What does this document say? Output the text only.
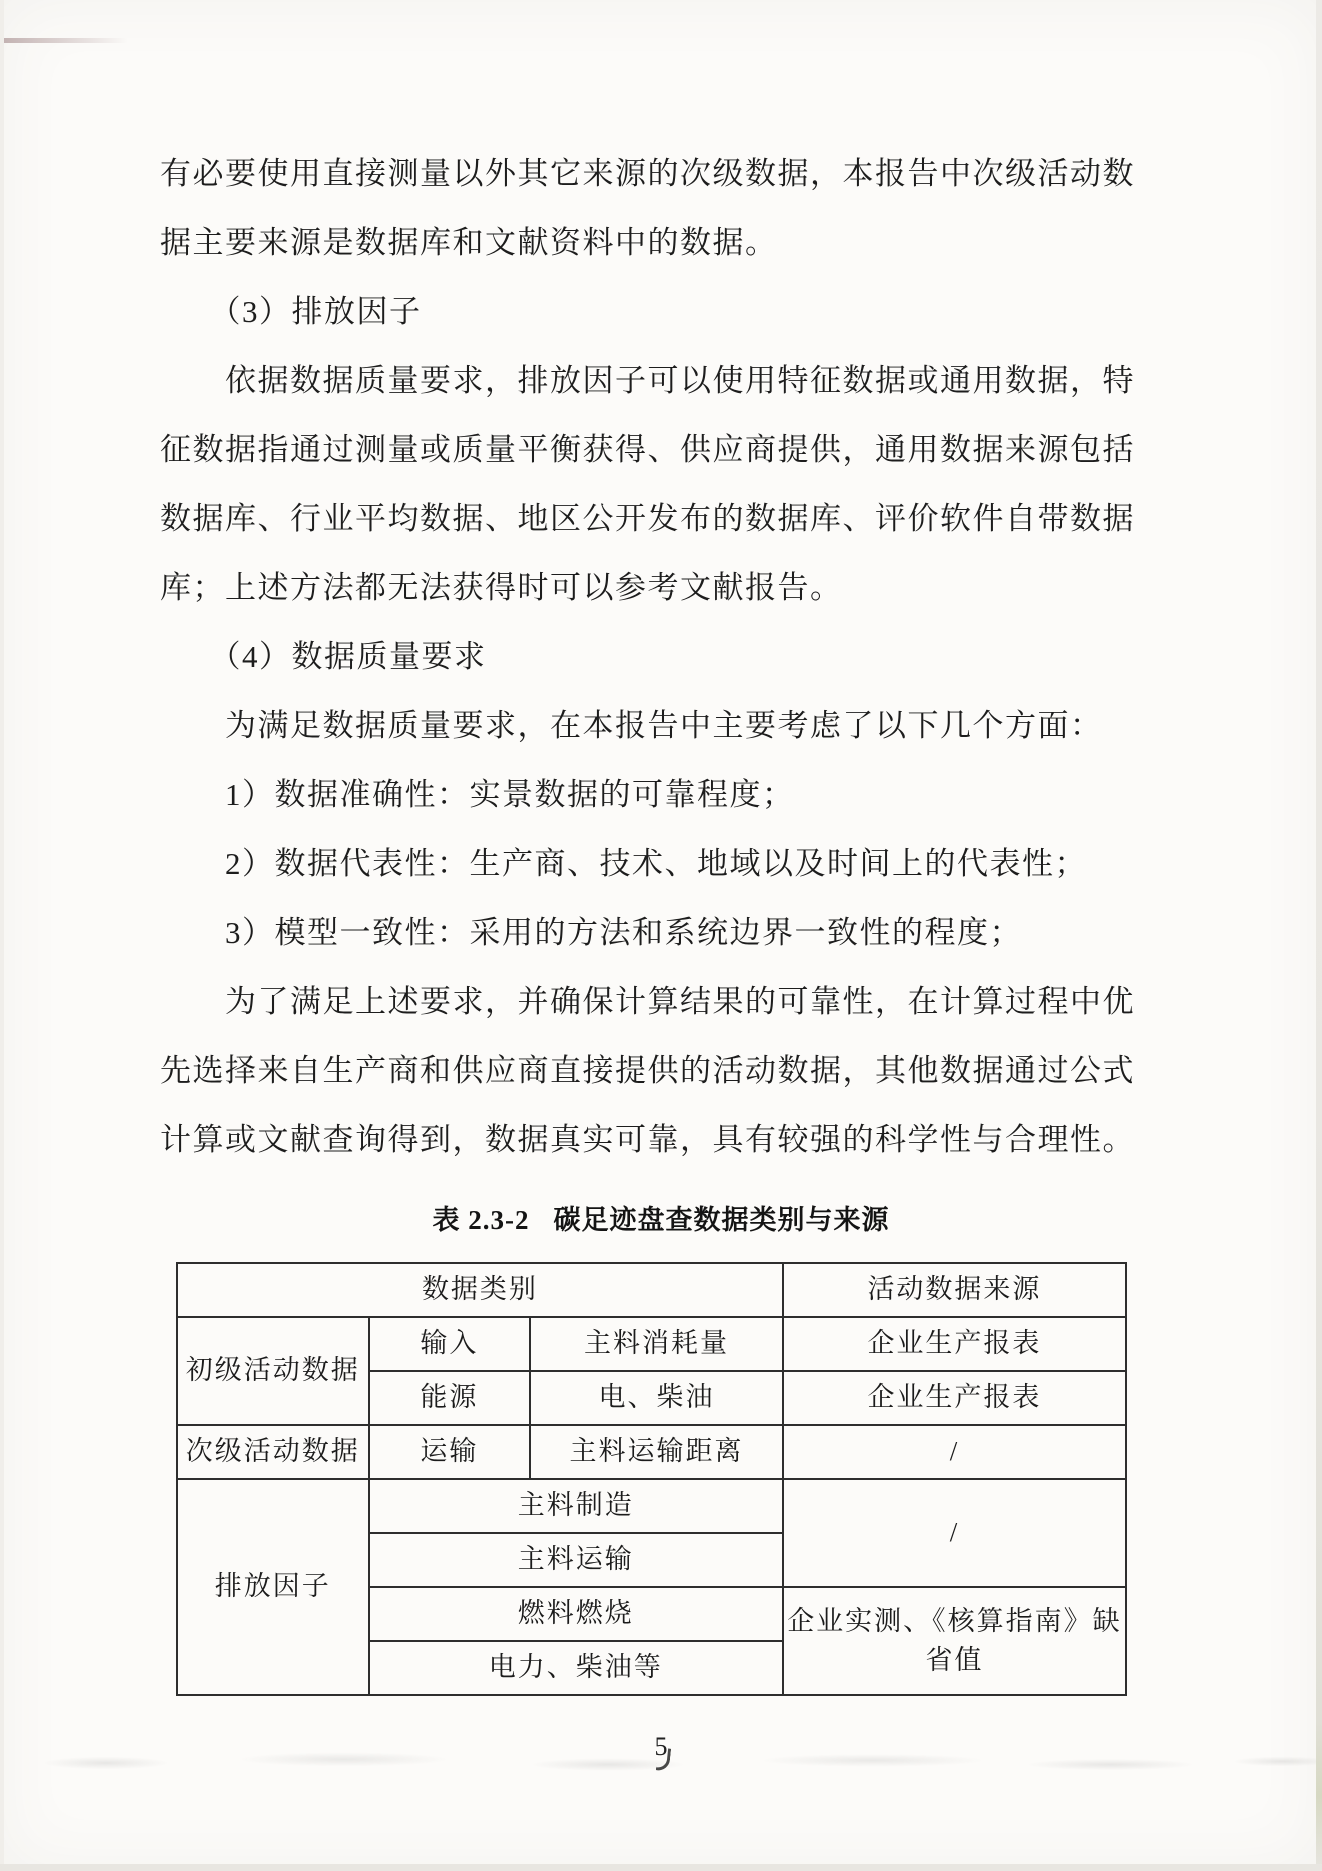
有必要使用直接测量以外其它来源的次级数据，本报告中次级活动数
据主要来源是数据库和文献资料中的数据。
　　（3）排放因子
　　依据数据质量要求，排放因子可以使用特征数据或通用数据，特
征数据指通过测量或质量平衡获得、供应商提供，通用数据来源包括
数据库、行业平均数据、地区公开发布的数据库、评价软件自带数据
库；上述方法都无法获得时可以参考文献报告。
　　（4）数据质量要求
　　为满足数据质量要求，在本报告中主要考虑了以下几个方面：
　　1）数据准确性：实景数据的可靠程度；
　　2）数据代表性：生产商、技术、地域以及时间上的代表性；
　　3）模型一致性：采用的方法和系统边界一致性的程度；
　　为了满足上述要求，并确保计算结果的可靠性，在计算过程中优
先选择来自生产商和供应商直接提供的活动数据，其他数据通过公式
计算或文献查询得到，数据真实可靠，具有较强的科学性与合理性。
表 2.3-2 碳足迹盘查数据类别与来源
数据类别			活动数据来源
初级活动数据	输入	主料消耗量	企业生产报表
	能源	电、柴油	企业生产报表
次级活动数据	运输	主料运输距离	/
排放因子	主料制造		/
	主料运输		
	燃料燃烧		企业实测、《核算指南》缺省值
	电力、柴油等		
5
